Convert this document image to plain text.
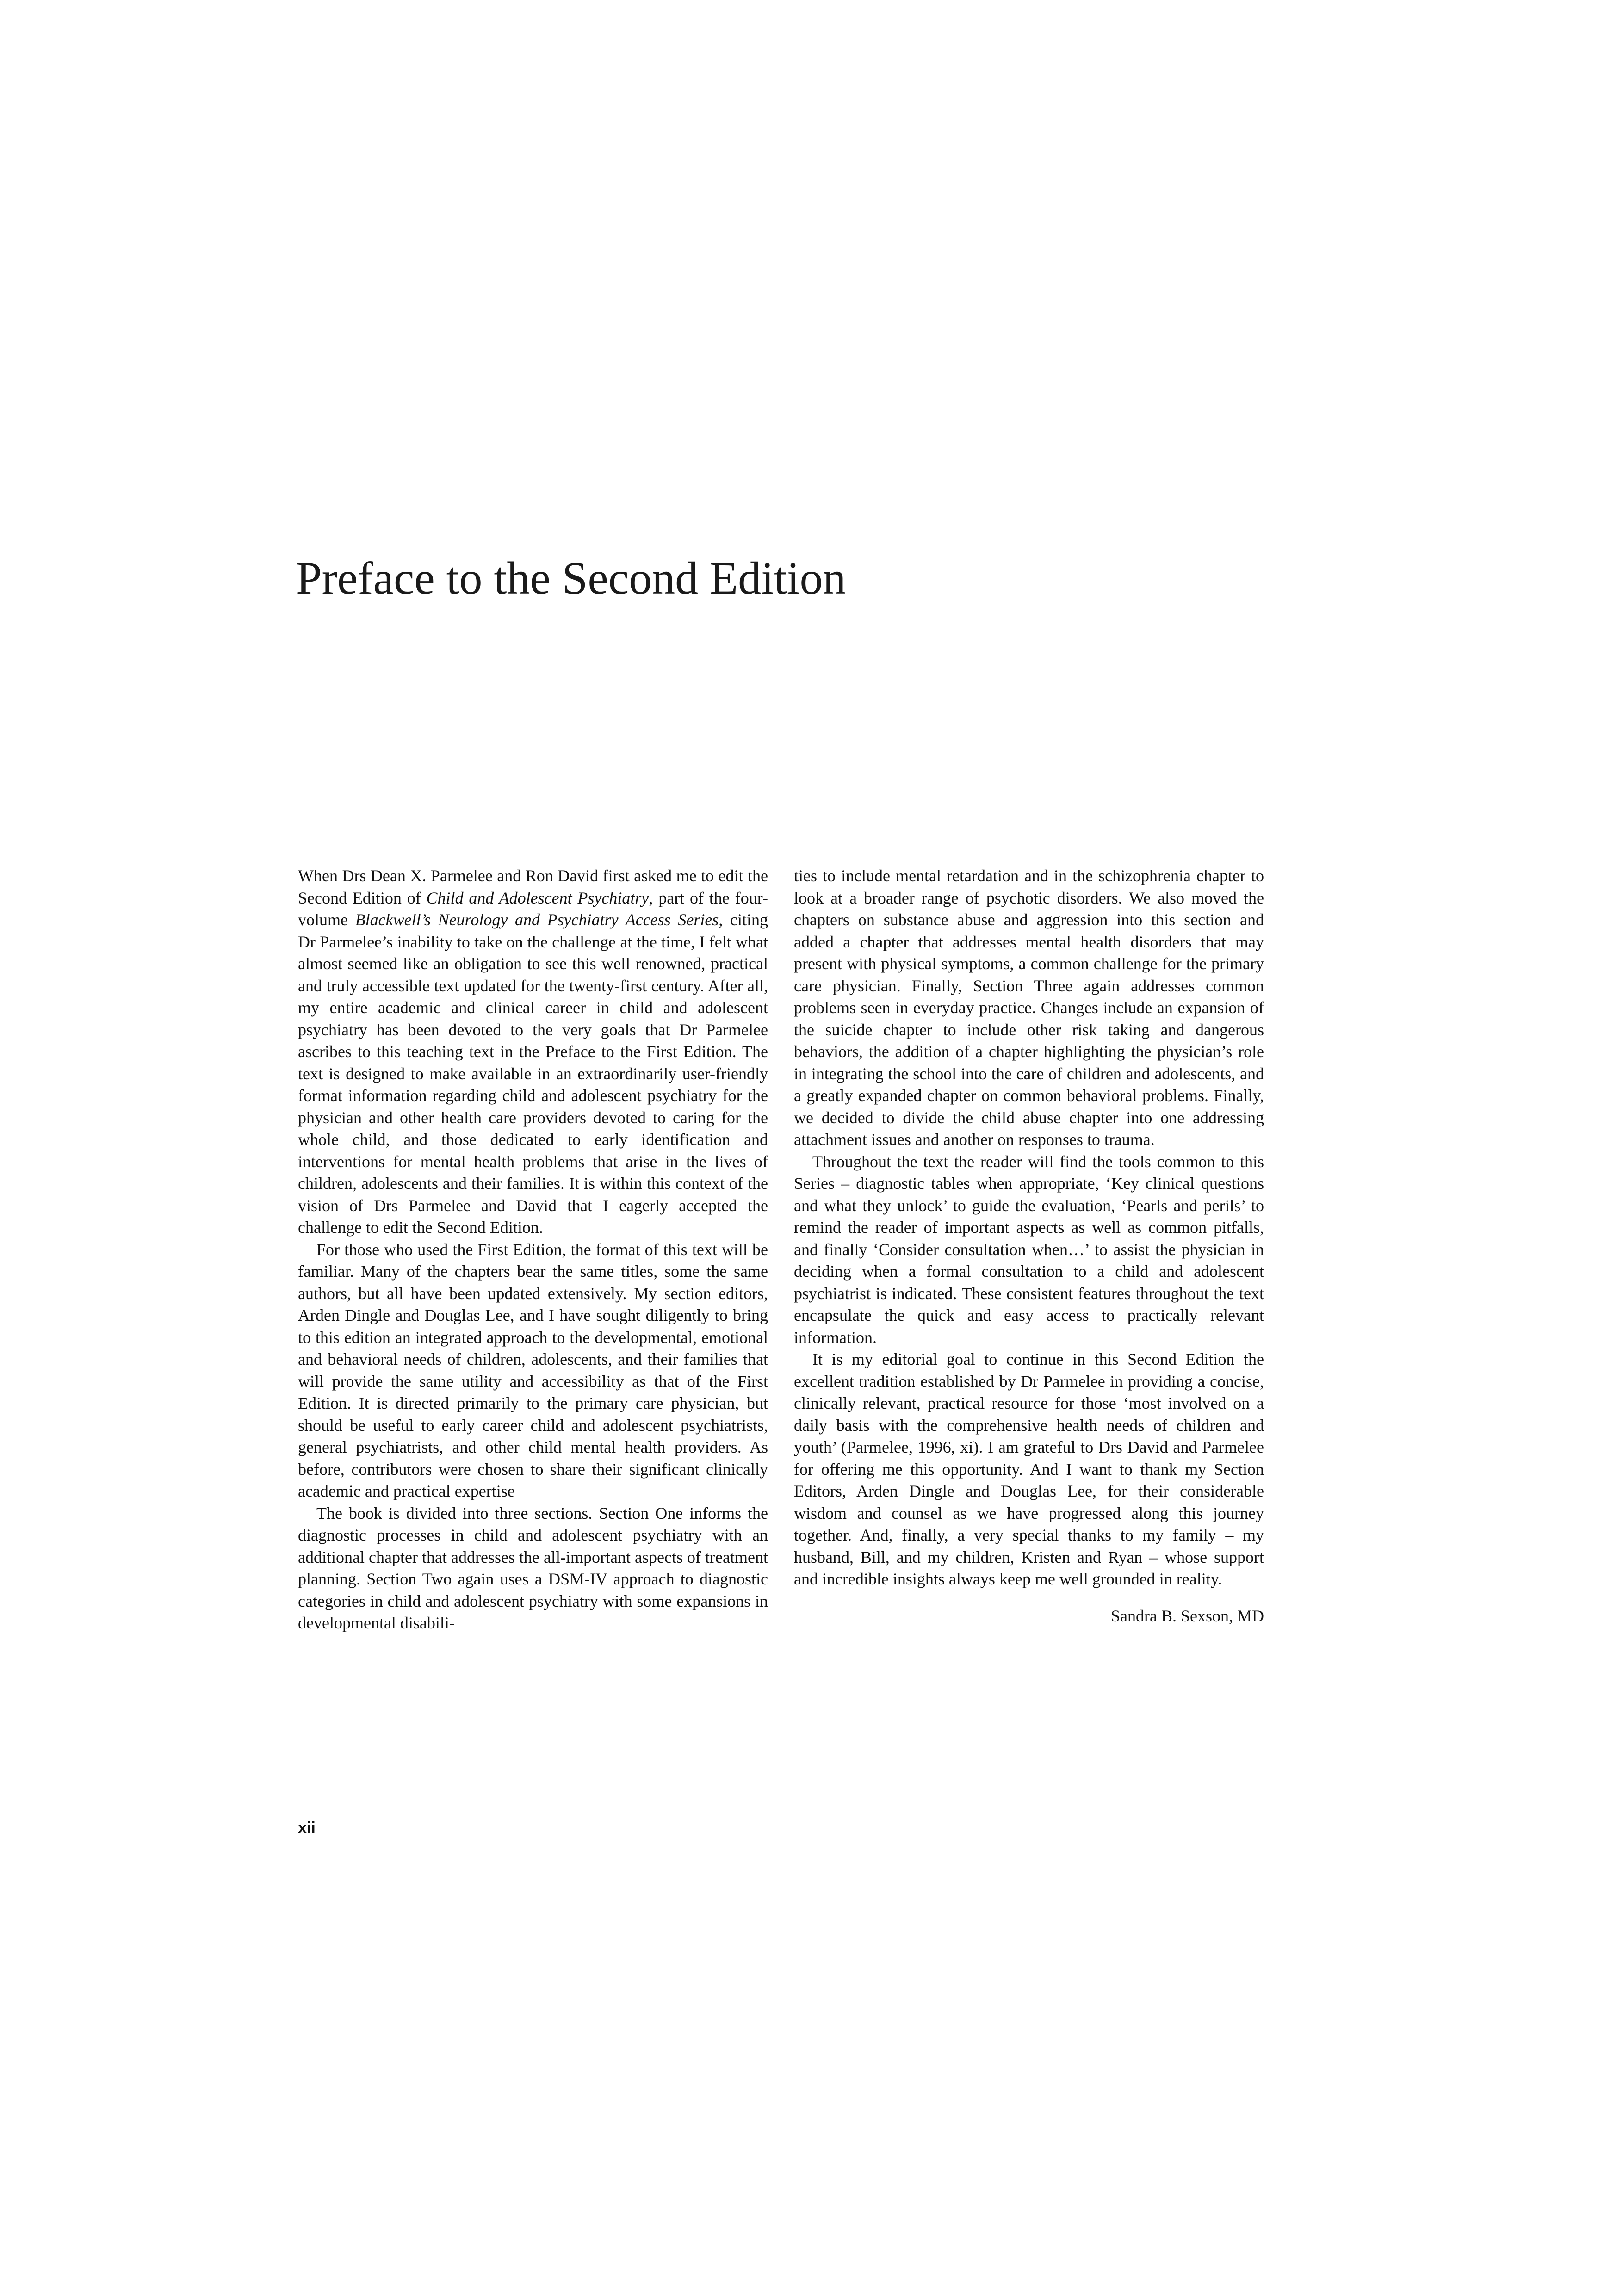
Preface to the Second Edition

When Drs Dean X. Parmelee and Ron David first asked me to edit the Second Edition of Child and Adolescent Psychiatry, part of the four-volume Blackwell’s Neurology and Psychiatry Access Series, citing Dr Parmelee’s inability to take on the challenge at the time, I felt what almost seemed like an obligation to see this well renowned, practical and truly accessible text updated for the twenty-first century. After all, my entire academic and clinical career in child and adolescent psychiatry has been devoted to the very goals that Dr Parmelee ascribes to this teaching text in the Preface to the First Edition. The text is designed to make available in an extraordinarily user-friendly format information regarding child and adolescent psychiatry for the physician and other health care providers devoted to caring for the whole child, and those dedicated to early identification and interventions for mental health problems that arise in the lives of children, adolescents and their families. It is within this context of the vision of Drs Parmelee and David that I eagerly accepted the challenge to edit the Second Edition.

For those who used the First Edition, the format of this text will be familiar. Many of the chapters bear the same titles, some the same authors, but all have been updated extensively. My section editors, Arden Dingle and Douglas Lee, and I have sought diligently to bring to this edition an integrated approach to the developmental, emotional and behavioral needs of children, adolescents, and their families that will provide the same utility and accessibility as that of the First Edition. It is directed primarily to the primary care physician, but should be useful to early career child and adolescent psychiatrists, general psychiatrists, and other child mental health providers. As before, contributors were chosen to share their significant clinically academic and practical expertise

The book is divided into three sections. Section One informs the diagnostic processes in child and adolescent psychiatry with an additional chapter that addresses the all-important aspects of treatment planning. Section Two again uses a DSM-IV approach to diagnostic categories in child and adolescent psychiatry with some expansions in developmental disabili-

ties to include mental retardation and in the schizophrenia chapter to look at a broader range of psychotic disorders. We also moved the chapters on substance abuse and aggression into this section and added a chapter that addresses mental health disorders that may present with physical symptoms, a common challenge for the primary care physician. Finally, Section Three again addresses common problems seen in everyday practice. Changes include an expansion of the suicide chapter to include other risk taking and dangerous behaviors, the addition of a chapter highlighting the physician’s role in integrating the school into the care of children and adolescents, and a greatly expanded chapter on common behavioral problems. Finally, we decided to divide the child abuse chapter into one addressing attachment issues and another on responses to trauma.

Throughout the text the reader will find the tools common to this Series – diagnostic tables when appropriate, ‘Key clinical questions and what they unlock’ to guide the evaluation, ‘Pearls and perils’ to remind the reader of important aspects as well as common pitfalls, and finally ‘Consider consultation when…’ to assist the physician in deciding when a formal consultation to a child and adolescent psychiatrist is indicated. These consistent features throughout the text encapsulate the quick and easy access to practically relevant information.

It is my editorial goal to continue in this Second Edition the excellent tradition established by Dr Parmelee in providing a concise, clinically relevant, practical resource for those ‘most involved on a daily basis with the comprehensive health needs of children and youth’ (Parmelee, 1996, xi). I am grateful to Drs David and Parmelee for offering me this opportunity. And I want to thank my Section Editors, Arden Dingle and Douglas Lee, for their considerable wisdom and counsel as we have progressed along this journey together. And, finally, a very special thanks to my family – my husband, Bill, and my children, Kristen and Ryan – whose support and incredible insights always keep me well grounded in reality.

Sandra B. Sexson, MD
xii
